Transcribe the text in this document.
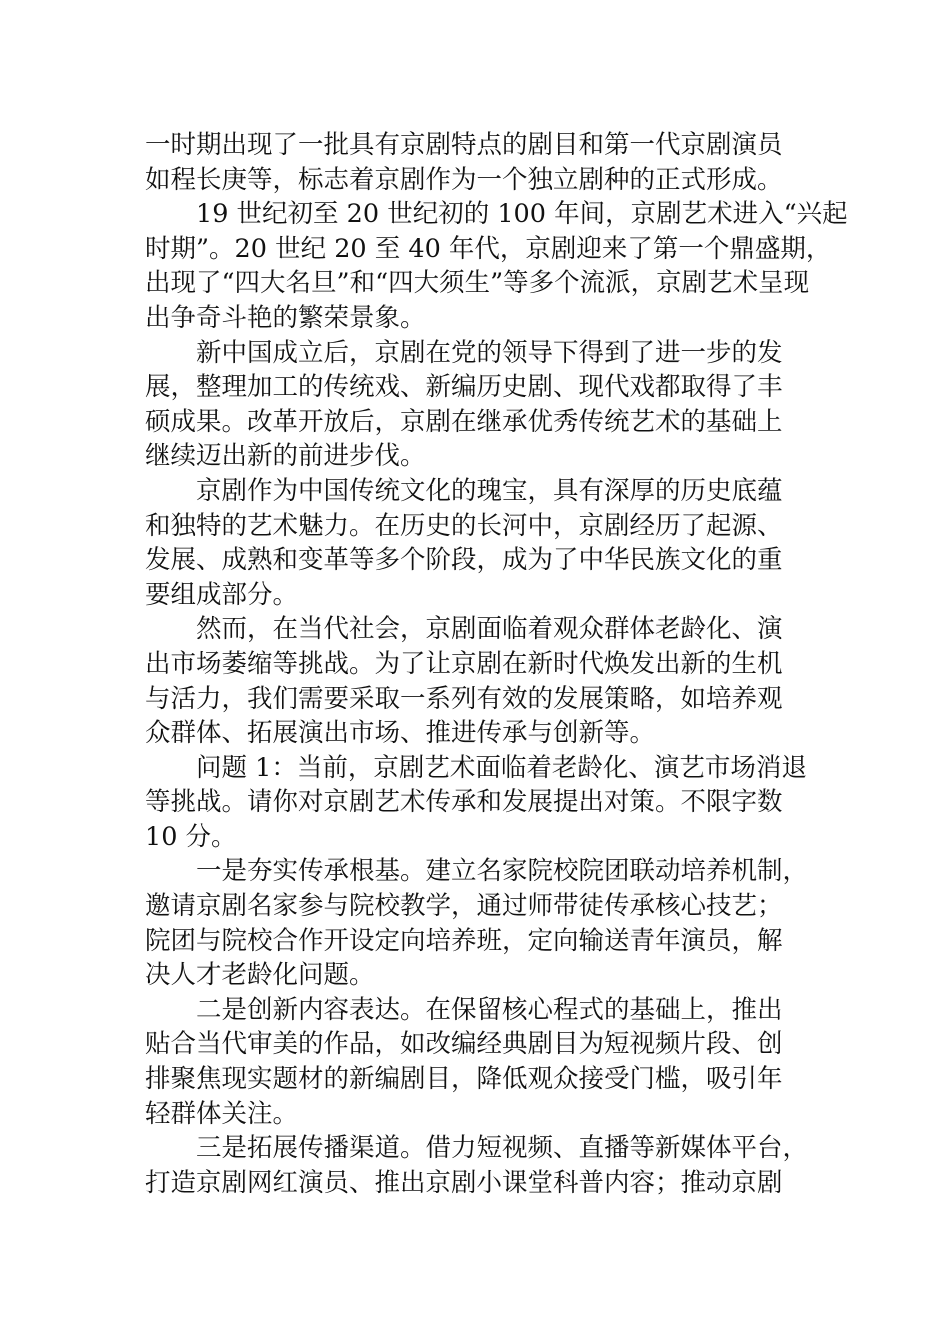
一时期出现了一批具有京剧特点的剧目和第一代京剧演员
如程长庚等，标志着京剧作为一个独立剧种的正式形成。

19 世纪初至 20 世纪初的 100 年间，京剧艺术进入“兴起
时期”。20 世纪 20 至 40 年代，京剧迎来了第一个鼎盛期，
出现了“四大名旦”和“四大须生”等多个流派，京剧艺术呈现
出争奇斗艳的繁荣景象。

新中国成立后，京剧在党的领导下得到了进一步的发
展，整理加工的传统戏、新编历史剧、现代戏都取得了丰
硕成果。改革开放后，京剧在继承优秀传统艺术的基础上
继续迈出新的前进步伐。

京剧作为中国传统文化的瑰宝，具有深厚的历史底蕴
和独特的艺术魅力。在历史的长河中，京剧经历了起源、
发展、成熟和变革等多个阶段，成为了中华民族文化的重
要组成部分。

然而，在当代社会，京剧面临着观众群体老龄化、演
出市场萎缩等挑战。为了让京剧在新时代焕发出新的生机
与活力，我们需要采取一系列有效的发展策略，如培养观
众群体、拓展演出市场、推进传承与创新等。

问题 1：当前，京剧艺术面临着老龄化、演艺市场消退
等挑战。请你对京剧艺术传承和发展提出对策。不限字数
10 分。

一是夯实传承根基。建立名家院校院团联动培养机制，
邀请京剧名家参与院校教学，通过师带徒传承核心技艺；
院团与院校合作开设定向培养班，定向输送青年演员，解
决人才老龄化问题。

二是创新内容表达。在保留核心程式的基础上，推出
贴合当代审美的作品，如改编经典剧目为短视频片段、创
排聚焦现实题材的新编剧目，降低观众接受门槛，吸引年
轻群体关注。

三是拓展传播渠道。借力短视频、直播等新媒体平台，
打造京剧网红演员、推出京剧小课堂科普内容；推动京剧
